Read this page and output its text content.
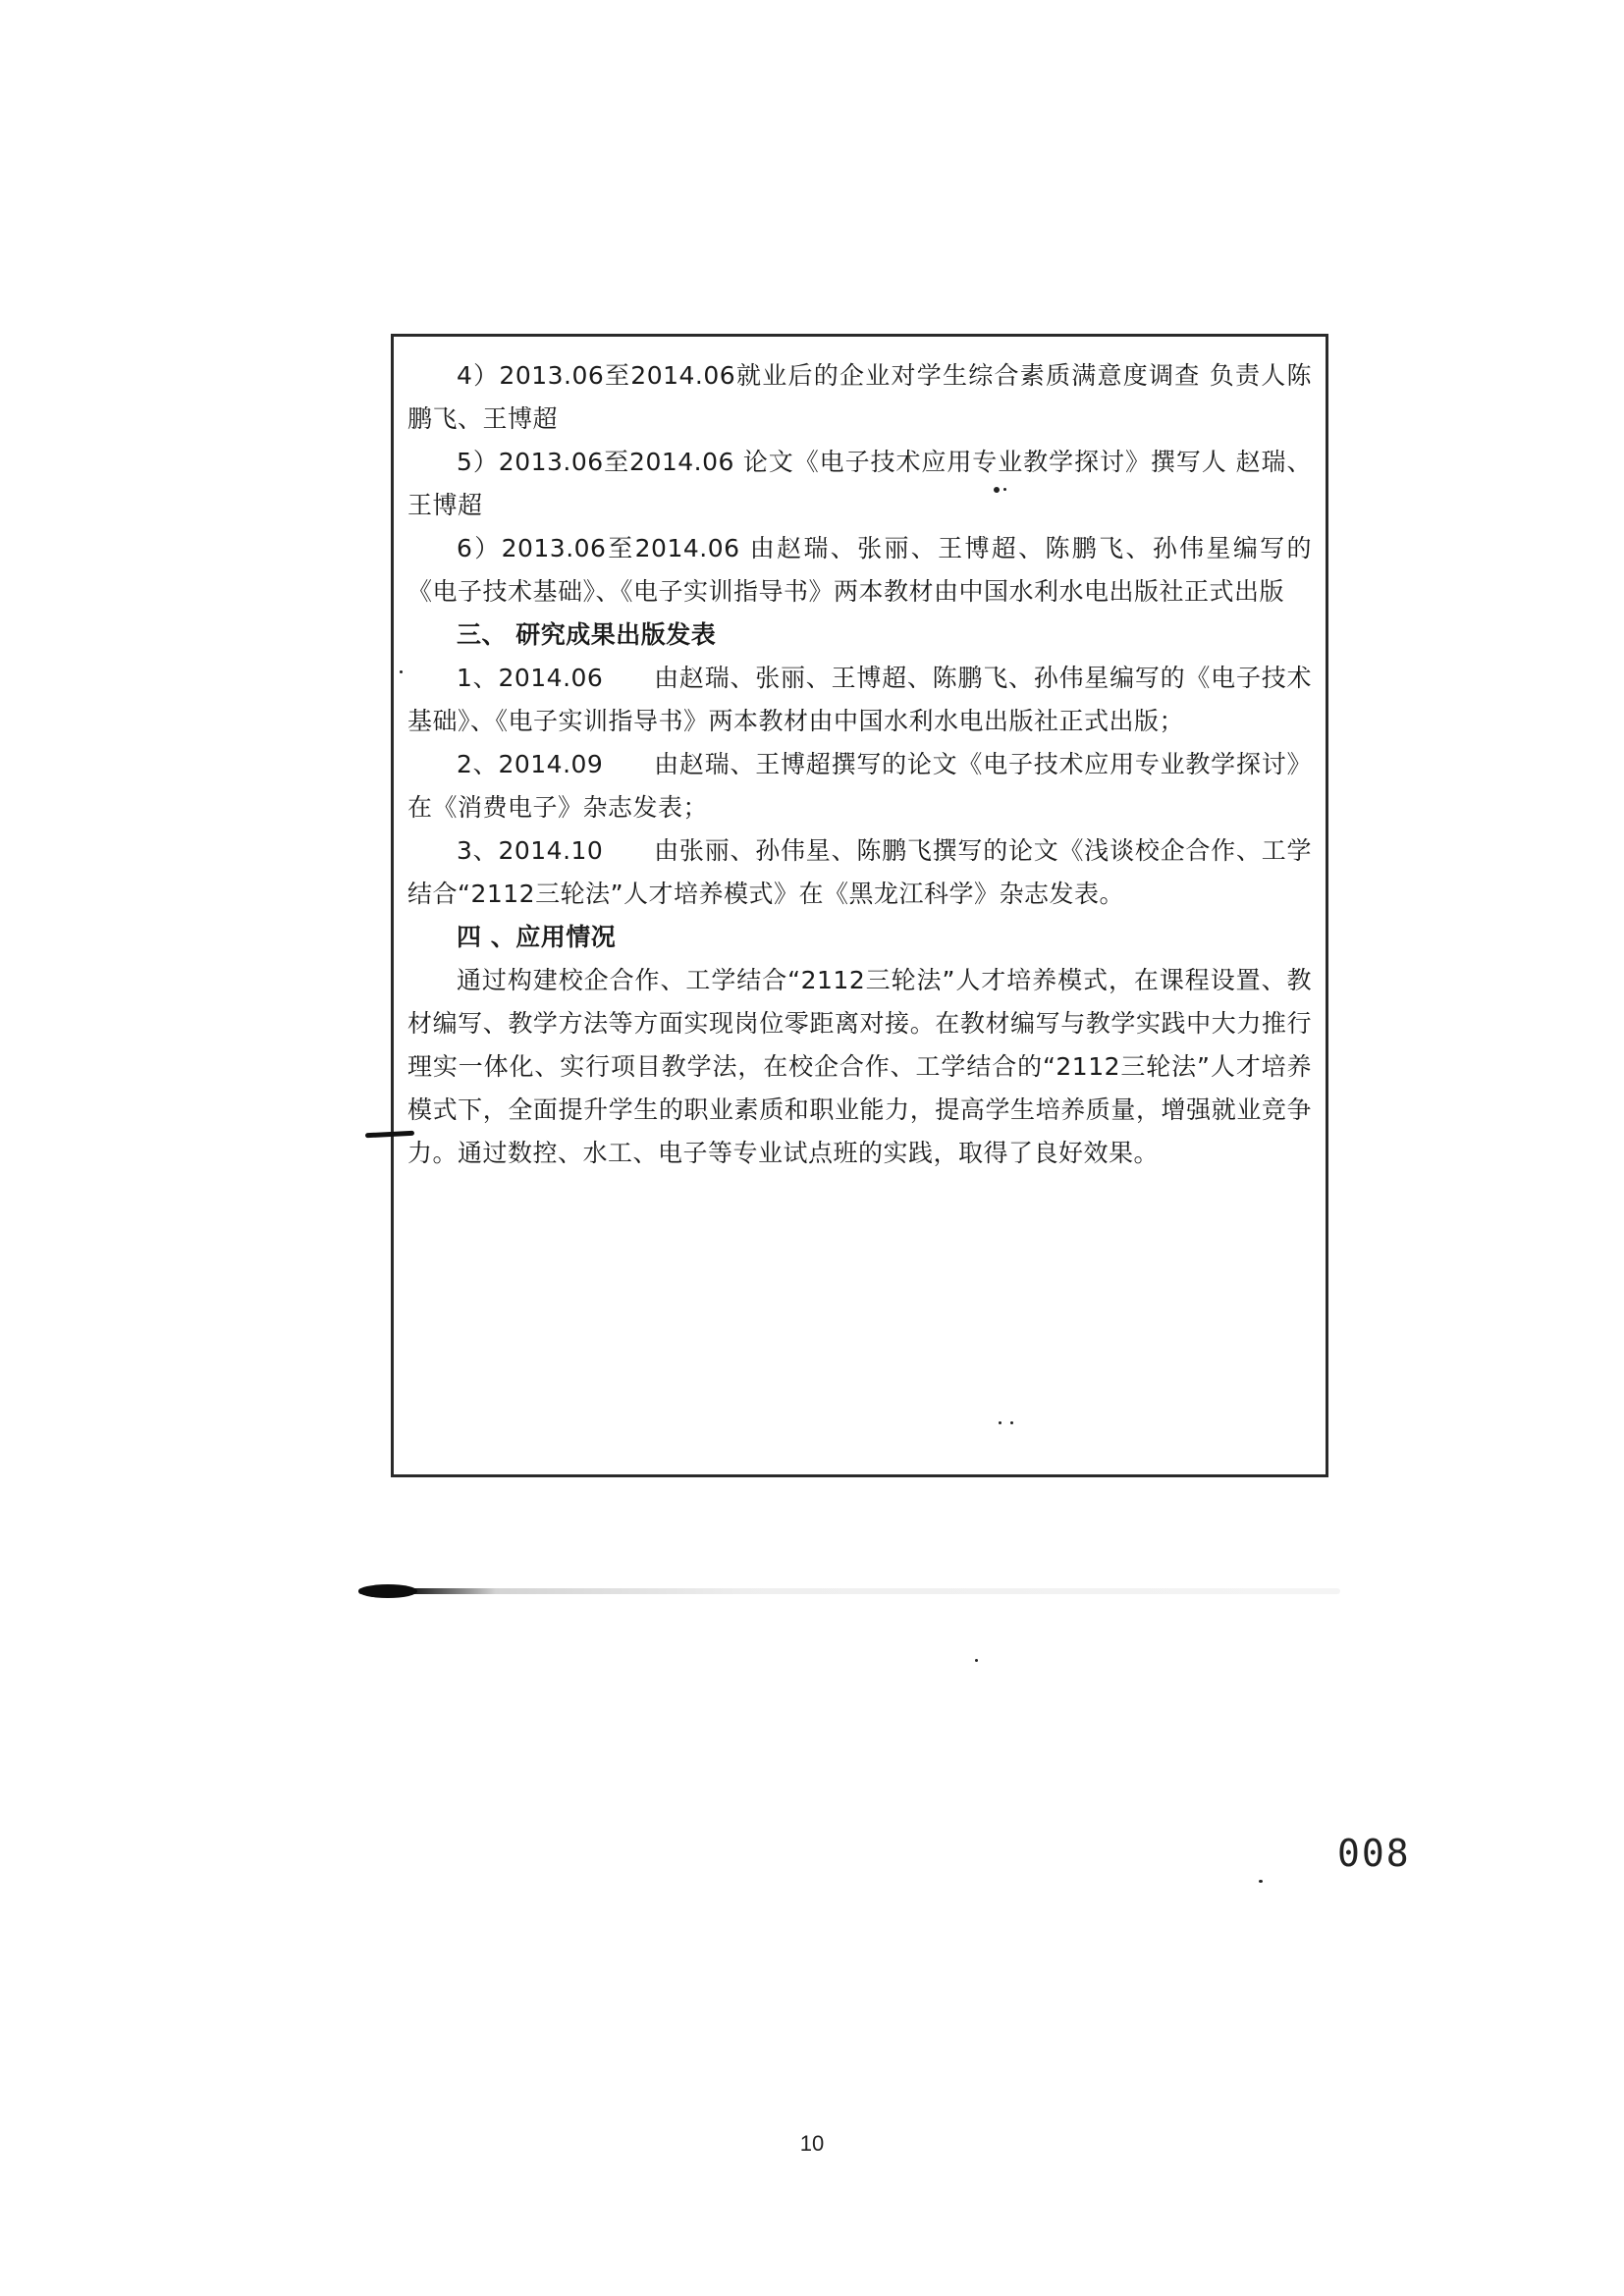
4）2013.06至2014.06就业后的企业对学生综合素质满意度调查 负责人陈鹏飞、王博超

5）2013.06至2014.06 论文《电子技术应用专业教学探讨》撰写人 赵瑞、王博超

6）2013.06至2014.06 由赵瑞、张丽、王博超、陈鹏飞、孙伟星编写的《电子技术基础》、《电子实训指导书》两本教材由中国水利水电出版社正式出版

三、 研究成果出版发表

1、2014.06　　由赵瑞、张丽、王博超、陈鹏飞、孙伟星编写的《电子技术基础》、《电子实训指导书》两本教材由中国水利水电出版社正式出版；

2、2014.09　　由赵瑞、王博超撰写的论文《电子技术应用专业教学探讨》在《消费电子》杂志发表；

3、2014.10　　由张丽、孙伟星、陈鹏飞撰写的论文《浅谈校企合作、工学结合“2112三轮法”人才培养模式》在《黑龙江科学》杂志发表。

四 、应用情况

通过构建校企合作、工学结合“2112三轮法”人才培养模式，在课程设置、教材编写、教学方法等方面实现岗位零距离对接。在教材编写与教学实践中大力推行理实一体化、实行项目教学法，在校企合作、工学结合的“2112三轮法”人才培养模式下，全面提升学生的职业素质和职业能力，提高学生培养质量，增强就业竞争力。通过数控、水工、电子等专业试点班的实践，取得了良好效果。

008
10
